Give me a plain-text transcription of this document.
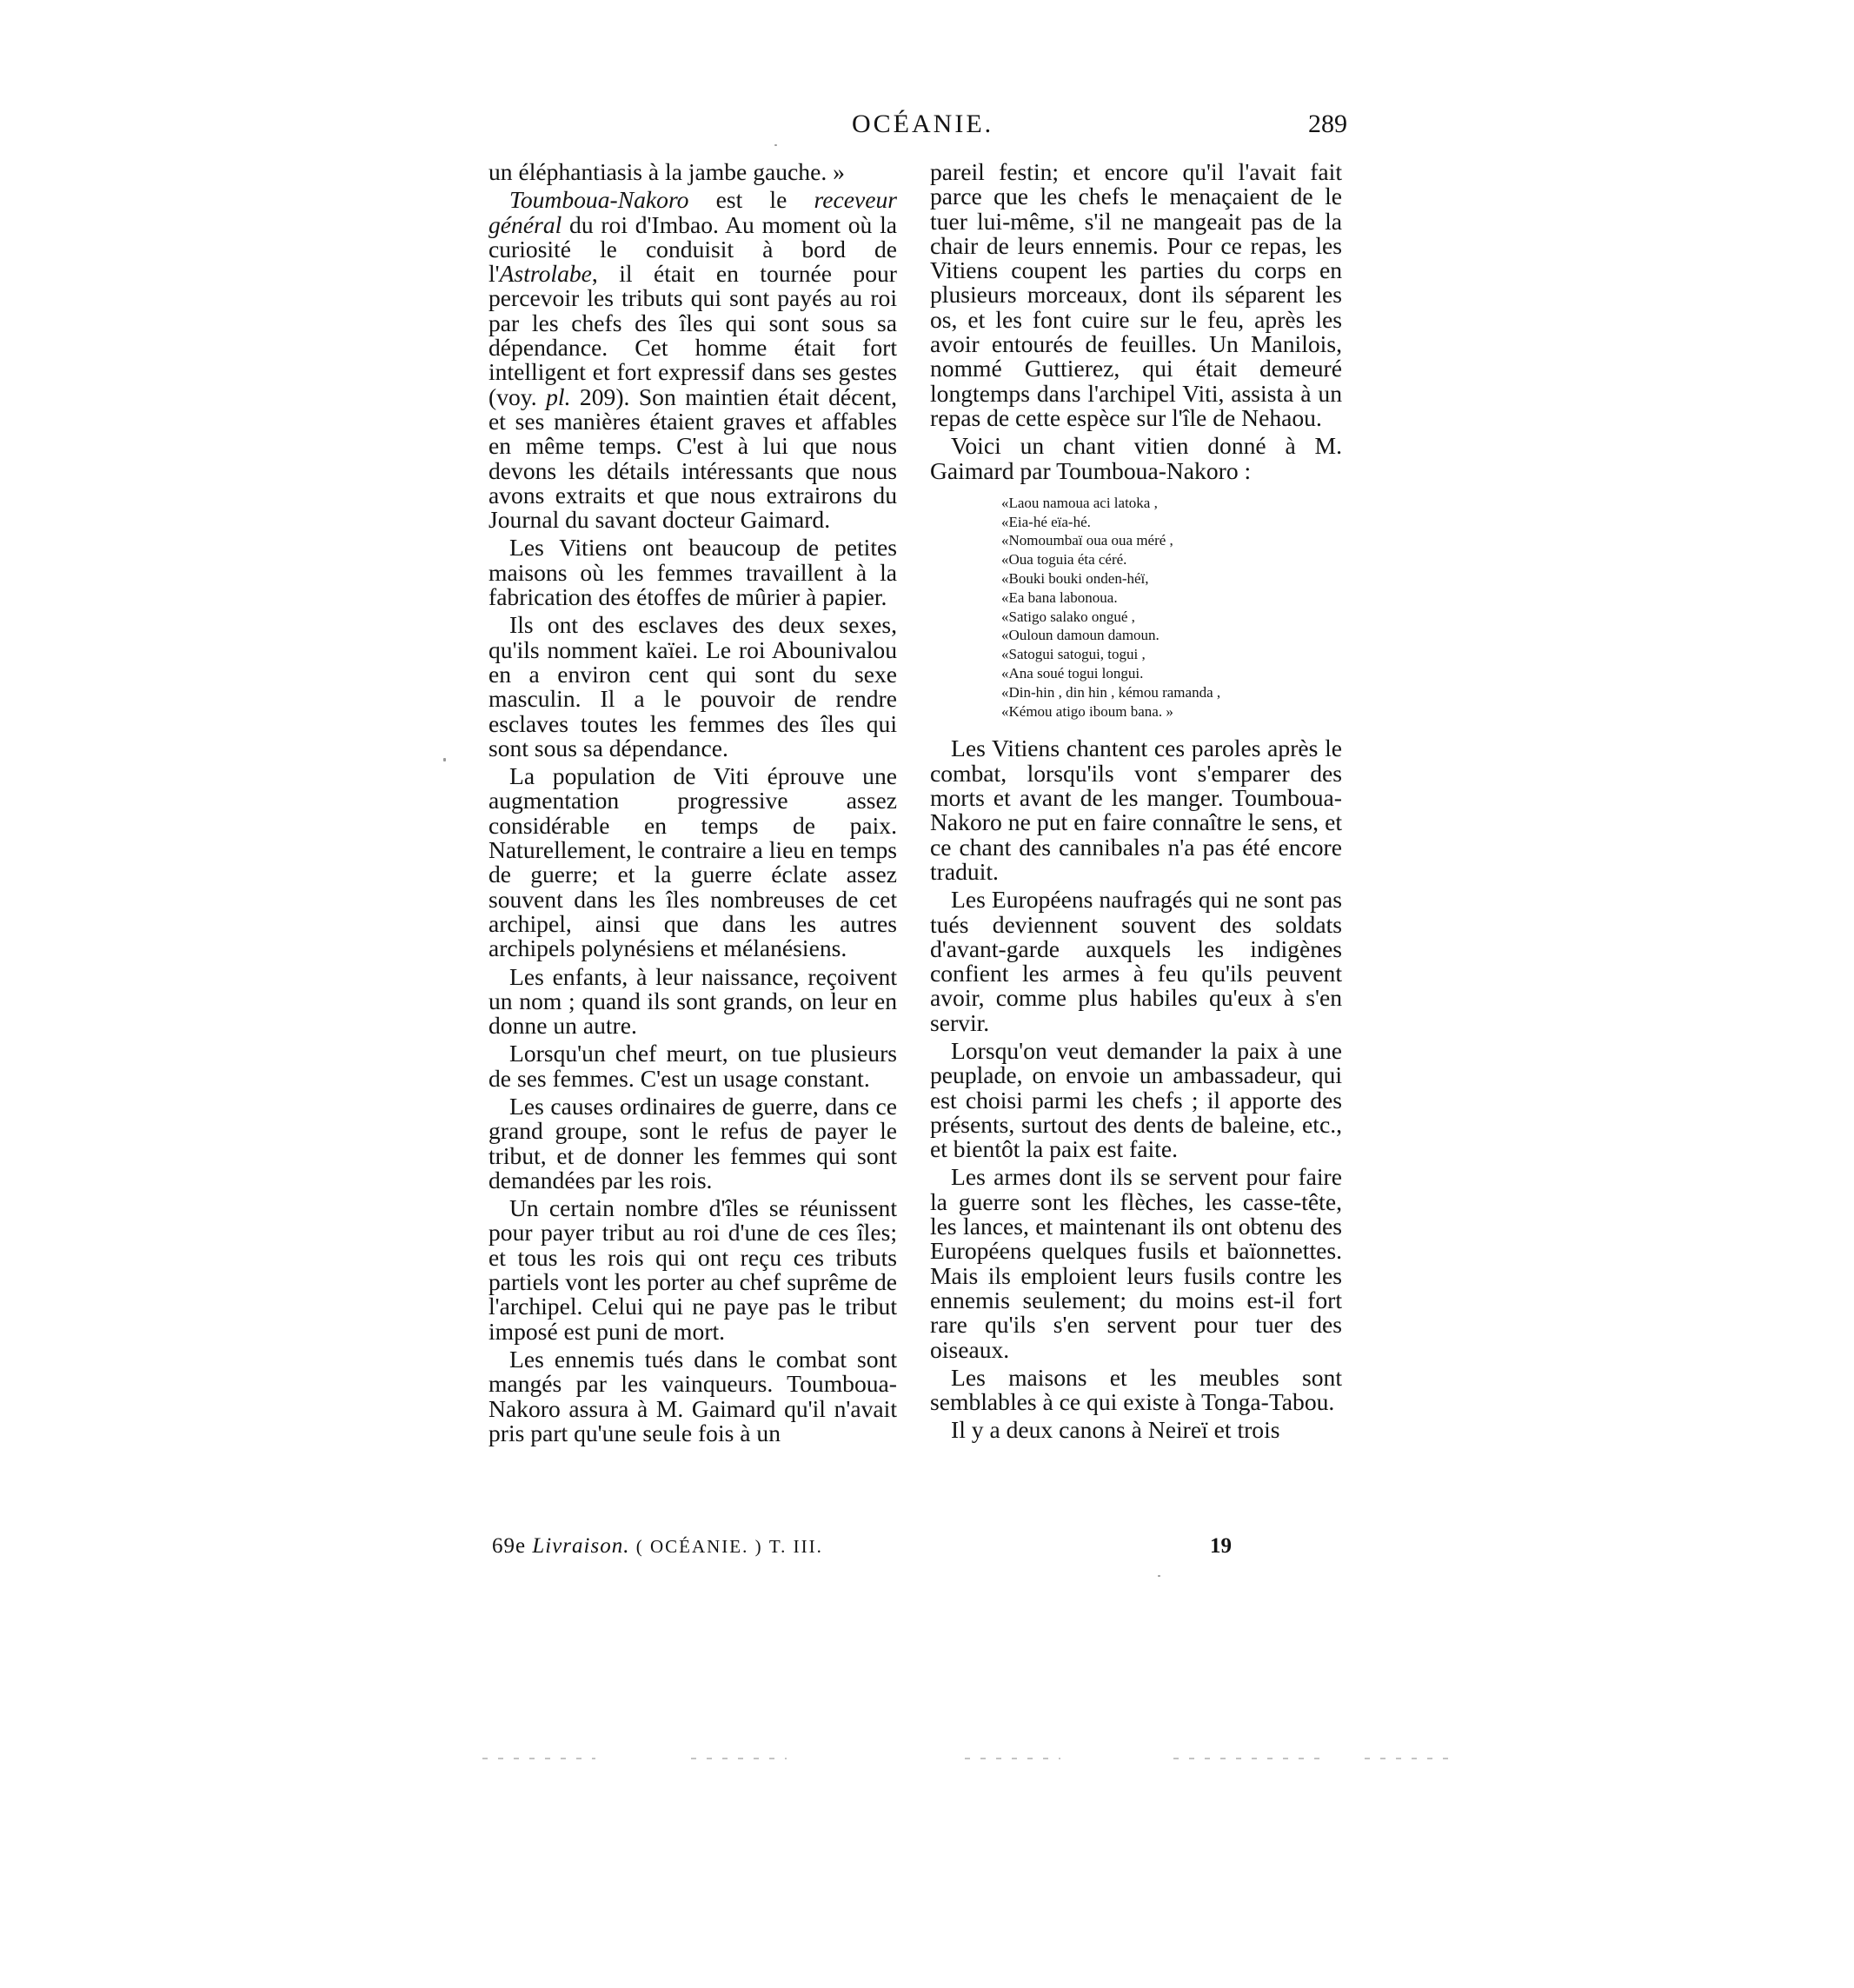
OCÉANIE.	289

un éléphantiasis à la jambe gauche. »

Toumboua-Nakoro est le receveur général du roi d'Imbao. Au moment où la curiosité le conduisit à bord de l'Astrolabe, il était en tournée pour percevoir les tributs qui sont payés au roi par les chefs des îles qui sont sous sa dépendance. Cet homme était fort intelligent et fort expressif dans ses gestes (voy. pl. 209). Son maintien était décent, et ses manières étaient graves et affables en même temps. C'est à lui que nous devons les détails intéressants que nous avons extraits et que nous extrairons du Journal du savant docteur Gaimard.

Les Vitiens ont beaucoup de petites maisons où les femmes travaillent à la fabrication des étoffes de mûrier à papier.

Ils ont des esclaves des deux sexes, qu'ils nomment kaïei. Le roi Abounivalou en a environ cent qui sont du sexe masculin. Il a le pouvoir de rendre esclaves toutes les femmes des îles qui sont sous sa dépendance.

La population de Viti éprouve une augmentation progressive assez considérable en temps de paix. Naturellement, le contraire a lieu en temps de guerre; et la guerre éclate assez souvent dans les îles nombreuses de cet archipel, ainsi que dans les autres archipels polynésiens et mélanésiens.

Les enfants, à leur naissance, reçoivent un nom ; quand ils sont grands, on leur en donne un autre.

Lorsqu'un chef meurt, on tue plusieurs de ses femmes. C'est un usage constant.

Les causes ordinaires de guerre, dans ce grand groupe, sont le refus de payer le tribut, et de donner les femmes qui sont demandées par les rois.

Un certain nombre d'îles se réunissent pour payer tribut au roi d'une de ces îles; et tous les rois qui ont reçu ces tributs partiels vont les porter au chef suprême de l'archipel. Celui qui ne paye pas le tribut imposé est puni de mort.

Les ennemis tués dans le combat sont mangés par les vainqueurs. Toumboua-Nakoro assura à M. Gaimard qu'il n'avait pris part qu'une seule fois à un

pareil festin; et encore qu'il l'avait fait parce que les chefs le menaçaient de le tuer lui-même, s'il ne mangeait pas de la chair de leurs ennemis. Pour ce repas, les Vitiens coupent les parties du corps en plusieurs morceaux, dont ils séparent les os, et les font cuire sur le feu, après les avoir entourés de feuilles. Un Manilois, nommé Guttierez, qui était demeuré longtemps dans l'archipel Viti, assista à un repas de cette espèce sur l'île de Nehaou.

Voici un chant vitien donné à M. Gaimard par Toumboua-Nakoro :

«Laou namoua aci latoka ,
«Eia-hé eïa-hé.
«Nomoumbaï oua oua méré ,
«Oua toguia éta céré.
«Bouki bouki onden-héï,
«Ea bana labonoua.
«Satigo salako ongué ,
«Ouloun damoun damoun.
«Satogui satogui, togui ,
«Ana soué togui longui.
«Din-hin , din hin , kémou ramanda ,
«Kémou atigo iboum bana. »

Les Vitiens chantent ces paroles après le combat, lorsqu'ils vont s'emparer des morts et avant de les manger. Toumboua-Nakoro ne put en faire connaître le sens, et ce chant des cannibales n'a pas été encore traduit.

Les Européens naufragés qui ne sont pas tués deviennent souvent des soldats d'avant-garde auxquels les indigènes confient les armes à feu qu'ils peuvent avoir, comme plus habiles qu'eux à s'en servir.

Lorsqu'on veut demander la paix à une peuplade, on envoie un ambassadeur, qui est choisi parmi les chefs ; il apporte des présents, surtout des dents de baleine, etc., et bientôt la paix est faite.

Les armes dont ils se servent pour faire la guerre sont les flèches, les casse-tête, les lances, et maintenant ils ont obtenu des Européens quelques fusils et baïonnettes. Mais ils emploient leurs fusils contre les ennemis seulement; du moins est-il fort rare qu'ils s'en servent pour tuer des oiseaux.

Les maisons et les meubles sont semblables à ce qui existe à Tonga-Tabou.

Il y a deux canons à Neireï et trois

69e Livraison. ( OCÉANIE. ) T. III.	19
